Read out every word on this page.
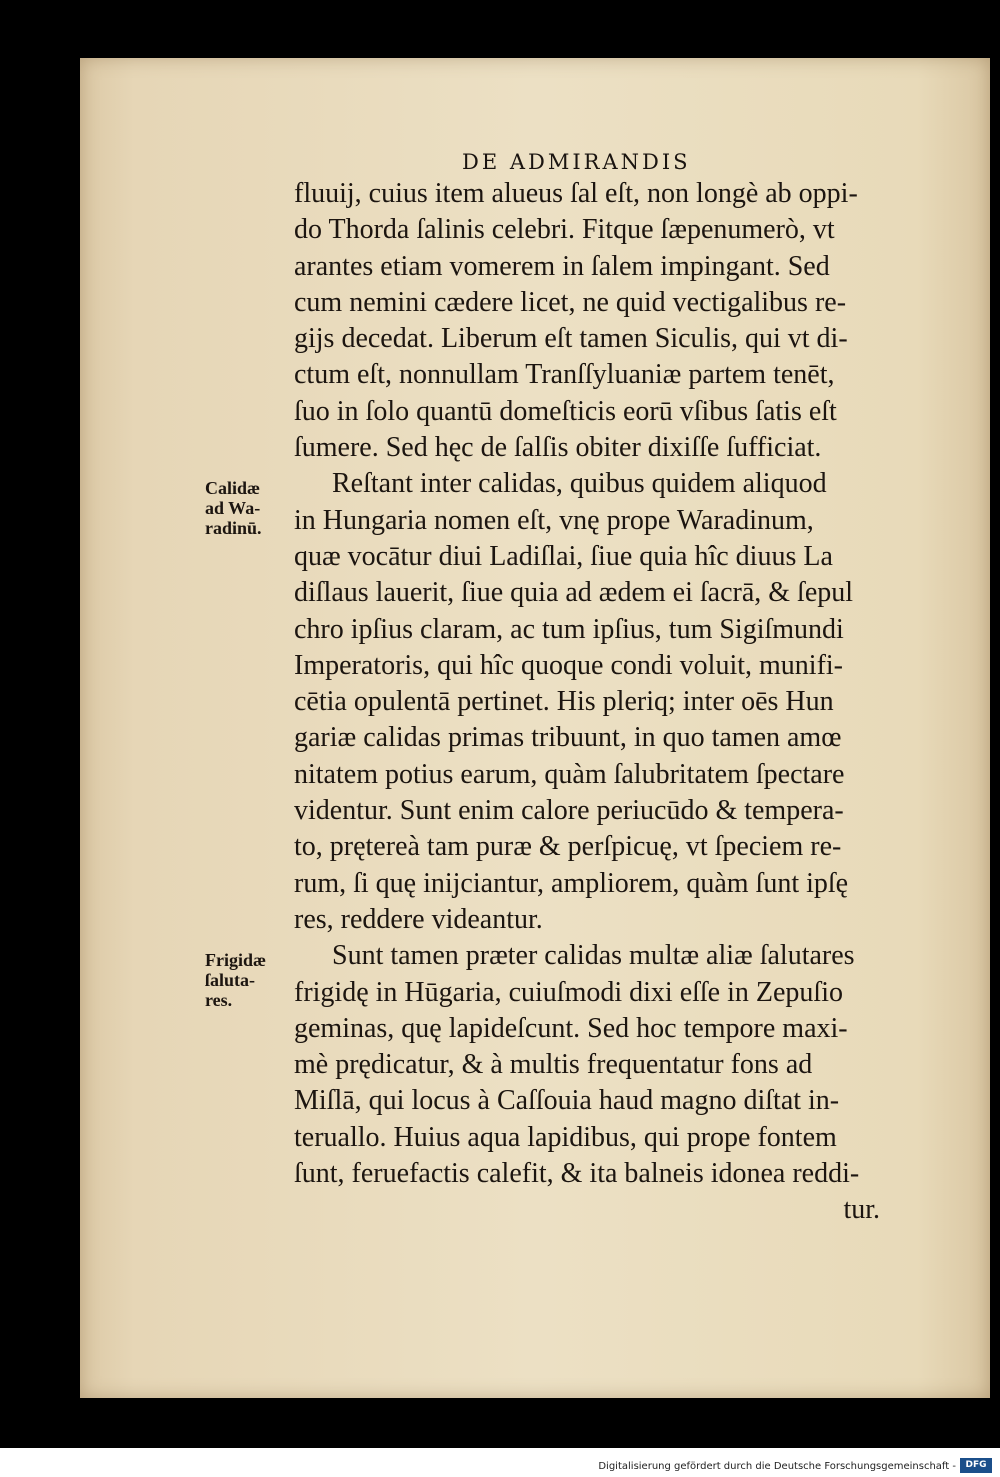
DE ADMIRANDIS
fluuij, cuius item alueus ſal eſt, non longè ab oppi-
do Thorda ſalinis celebri. Fitque ſæpenumerò, vt
arantes etiam vomerem in ſalem impingant. Sed
cum nemini cædere licet, ne quid vectigalibus re-
gijs decedat. Liberum eſt tamen Siculis, qui vt di-
ctum eſt, nonnullam Tranſſyluaniæ partem tenēt,
ſuo in ſolo quantū domeſticis eorū vſibus ſatis eſt
ſumere. Sed hęc de ſalſis obiter dixiſſe ſufficiat.
Reſtant inter calidas, quibus quidem aliquod
in Hungaria nomen eſt, vnę prope Waradinum,
quæ vocātur diui Ladiſlai, ſiue quia hîc diuus La
diſlaus lauerit, ſiue quia ad ædem ei ſacrā, & ſepul
chro ipſius claram, ac tum ipſius, tum Sigiſmundi
Imperatoris, qui hîc quoque condi voluit, munifi-
cētia opulentā pertinet. His pleriq; inter oēs Hun
gariæ calidas primas tribuunt, in quo tamen amœ
nitatem potius earum, quàm ſalubritatem ſpectare
videntur. Sunt enim calore periucūdo & tempera-
to, prętereà tam puræ & perſpicuę, vt ſpeciem re-
rum, ſi quę inijciantur, ampliorem, quàm ſunt ipſę
res, reddere videantur.
Sunt tamen præter calidas multæ aliæ ſalutares
frigidę in Hūgaria, cuiuſmodi dixi eſſe in Zepuſio
geminas, quę lapideſcunt. Sed hoc tempore maxi-
mè prędicatur, & à multis frequentatur fons ad
Miſlā, qui locus à Caſſouia haud magno diſtat in-
teruallo. Huius aqua lapidibus, qui prope fontem
ſunt, feruefactis calefit, & ita balneis idonea reddi-
tur.
Calidæ
ad Wa-
radinū.
Frigidæ
ſaluta-
res.
Digitalisierung gefördert durch die Deutsche Forschungsgemeinschaft -	DFG
